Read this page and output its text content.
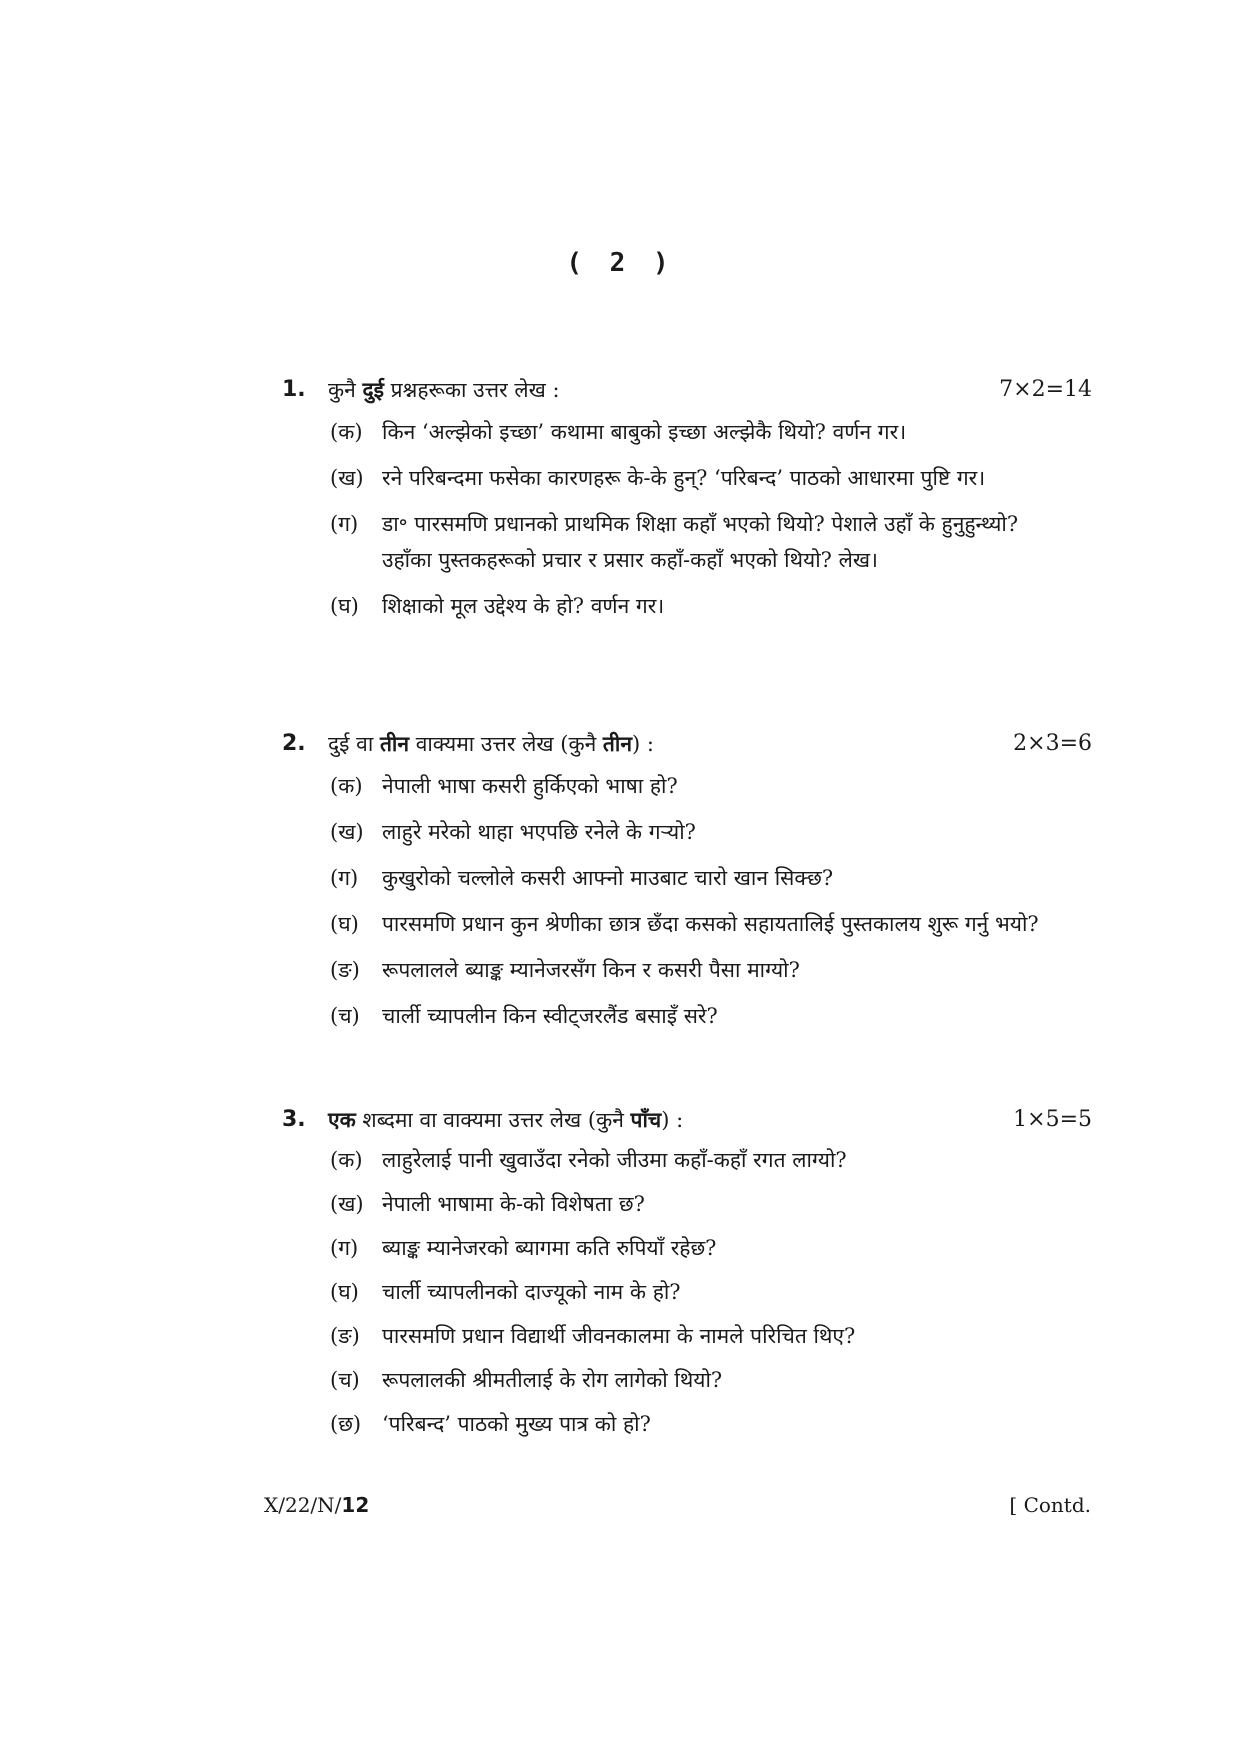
( 2 )
1. कुनै दुई प्रश्नहरूका उत्तर लेख :	7×2=14
(क) किन ‘अल्झेको इच्छा’ कथामा बाबुको इच्छा अल्झेकै थियो? वर्णन गर।
(ख) रने परिबन्दमा फसेका कारणहरू के-के हुन्? ‘परिबन्द’ पाठको आधारमा पुष्टि गर।
(ग)	डा॰ पारसमणि प्रधानको प्राथमिक शिक्षा कहाँ भएको थियो? पेशाले उहाँ के हुनुहुन्थ्यो? उहाँका पुस्तकहरूको प्रचार र प्रसार कहाँ-कहाँ भएको थियो? लेख।
(घ)	शिक्षाको मूल उद्देश्य के हो? वर्णन गर।
2. दुई वा तीन वाक्यमा उत्तर लेख (कुनै तीन) :	2×3=6
(क) नेपाली भाषा कसरी हुर्किएको भाषा हो?
(ख) लाहुरे मरेको थाहा भएपछि रनेले के गर्‍यो?
(ग)	कुखुरोको चल्लोले कसरी आफ्नो माउबाट चारो खान सिक्छ?
(घ)	पारसमणि प्रधान कुन श्रेणीका छात्र छँदा कसको सहायतालिई पुस्तकालय शुरू गर्नु भयो?
(ङ)	रूपलालले ब्याङ्क म्यानेजरसँग किन र कसरी पैसा माग्यो?
(च)	चार्ली च्यापलीन किन स्वीट्जरलैंड बसाइँ सरे?
3. एक शब्दमा वा वाक्यमा उत्तर लेख (कुनै पाँच) :	1×5=5
(क) लाहुरेलाई पानी खुवाउँदा रनेको जीउमा कहाँ-कहाँ रगत लाग्यो?
(ख) नेपाली भाषामा के-को विशेषता छ?
(ग)	ब्याङ्क म्यानेजरको ब्यागमा कति रुपियाँ रहेछ?
(घ)	चार्ली च्यापलीनको दाज्यूको नाम के हो?
(ङ)	पारसमणि प्रधान विद्यार्थी जीवनकालमा के नामले परिचित थिए?
(च)	रूपलालकी श्रीमतीलाई के रोग लागेको थियो?
(छ) ‘परिबन्द’ पाठको मुख्य पात्र को हो?
X/22/N/12	[ Contd.
